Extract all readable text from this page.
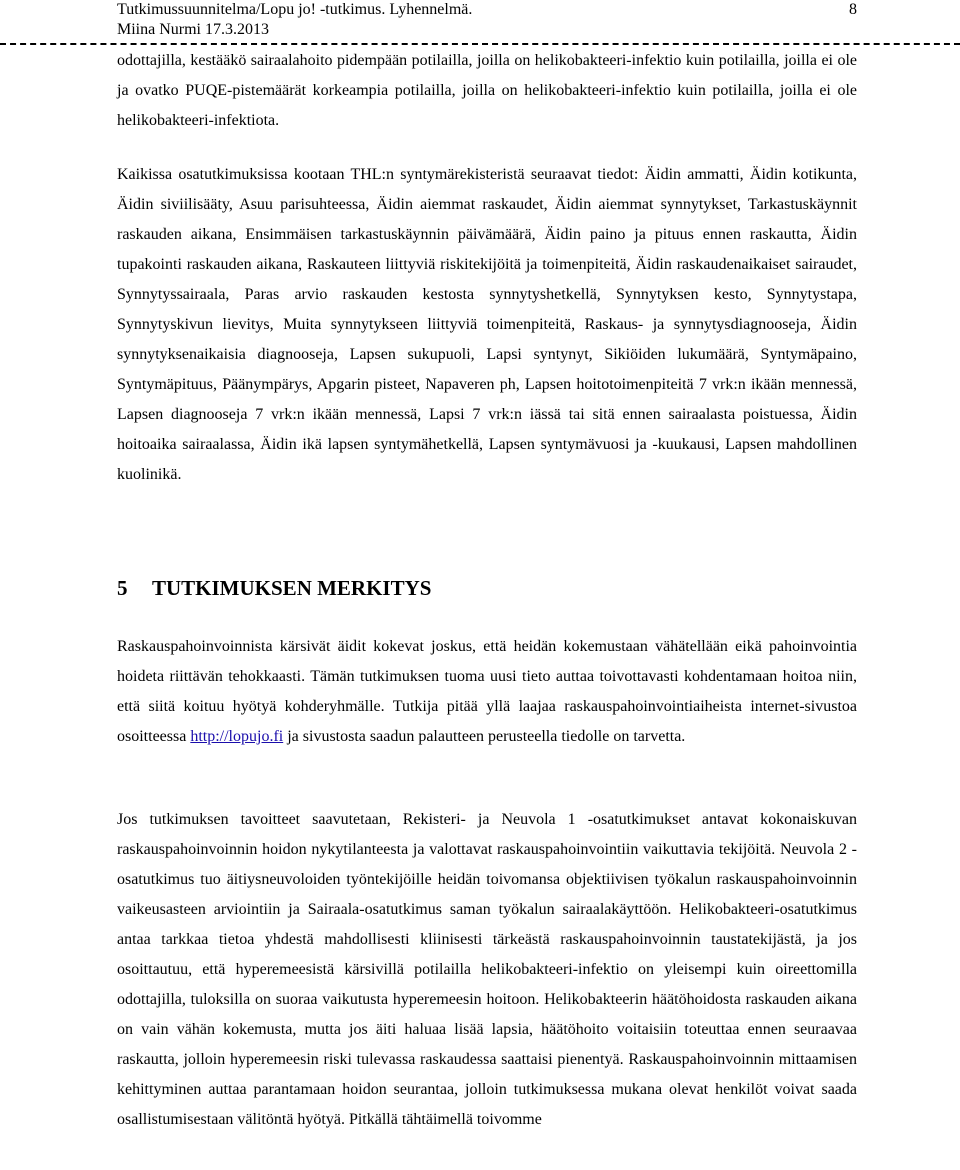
Tutkimussuunnitelma/Lopu jo! -tutkimus. Lyhennelmä.
Miina Nurmi 17.3.2013
8

odottajilla, kestääkö sairaalahoito pidempään potilailla, joilla on helikobakteeri-infektio kuin potilailla, joilla ei ole ja ovatko PUQE-pistemäärät korkeampia potilailla, joilla on helikobakteeri-infektio kuin potilailla, joilla ei ole helikobakteeri-infektiota.

Kaikissa osatutkimuksissa kootaan THL:n syntymärekisteristä seuraavat tiedot: Äidin ammatti, Äidin kotikunta, Äidin siviilisääty, Asuu parisuhteessa, Äidin aiemmat raskaudet, Äidin aiemmat synnytykset, Tarkastuskäynnit raskauden aikana, Ensimmäisen tarkastuskäynnin päivämäärä, Äidin paino ja pituus ennen raskautta, Äidin tupakointi raskauden aikana, Raskauteen liittyviä riskitekijöitä ja toimenpiteitä, Äidin raskaudenaikaiset sairaudet, Synnytyssairaala, Paras arvio raskauden kestosta synnytyshetkellä, Synnytyksen kesto, Synnytystapa, Synnytyskivun lievitys, Muita synnytykseen liittyviä toimenpiteitä, Raskaus- ja synnytysdiagnooseja, Äidin synnytyksenaikaisia diagnooseja, Lapsen sukupuoli, Lapsi syntynyt, Sikiöiden lukumäärä, Syntymäpaino, Syntymäpituus, Päänympärys, Apgarin pisteet, Napaveren ph, Lapsen hoitotoimenpiteitä 7 vrk:n ikään mennessä, Lapsen diagnooseja 7 vrk:n ikään mennessä, Lapsi 7 vrk:n iässä tai sitä ennen sairaalasta poistuessa, Äidin hoitoaika sairaalassa, Äidin ikä lapsen syntymähetkellä, Lapsen syntymävuosi ja -kuukausi, Lapsen mahdollinen kuolinikä.

5 TUTKIMUKSEN MERKITYS

Raskauspahoinvoinnista kärsivät äidit kokevat joskus, että heidän kokemustaan vähätellään eikä pahoinvointia hoideta riittävän tehokkaasti. Tämän tutkimuksen tuoma uusi tieto auttaa toivottavasti kohdentamaan hoitoa niin, että siitä koituu hyötyä kohderyhmälle. Tutkija pitää yllä laajaa raskauspahoinvointiaiheista internet-sivustoa osoitteessa http://lopujo.fi ja sivustosta saadun palautteen perusteella tiedolle on tarvetta.

Jos tutkimuksen tavoitteet saavutetaan, Rekisteri- ja Neuvola 1 -osatutkimukset antavat kokonaiskuvan raskauspahoinvoinnin hoidon nykytilanteesta ja valottavat raskauspahoinvointiin vaikuttavia tekijöitä. Neuvola 2 -osatutkimus tuo äitiysneuvoloiden työntekijöille heidän toivomansa objektiivisen työkalun raskauspahoinvoinnin vaikeusasteen arviointiin ja Sairaala-osatutkimus saman työkalun sairaalakäyttöön. Helikobakteeri-osatutkimus antaa tarkkaa tietoa yhdestä mahdollisesti kliinisesti tärkeästä raskauspahoinvoinnin taustatekijästä, ja jos osoittautuu, että hyperemeesistä kärsivillä potilailla helikobakteeri-infektio on yleisempi kuin oireettomilla odottajilla, tuloksilla on suoraa vaikutusta hyperemeesin hoitoon. Helikobakteerin häätöhoidosta raskauden aikana on vain vähän kokemusta, mutta jos äiti haluaa lisää lapsia, häätöhoito voitaisiin toteuttaa ennen seuraavaa raskautta, jolloin hyperemeesin riski tulevassa raskaudessa saattaisi pienentyä. Raskauspahoinvoinnin mittaamisen kehittyminen auttaa parantamaan hoidon seurantaa, jolloin tutkimuksessa mukana olevat henkilöt voivat saada osallistumisestaan välitöntä hyötyä. Pitkällä tähtäimellä toivomme
